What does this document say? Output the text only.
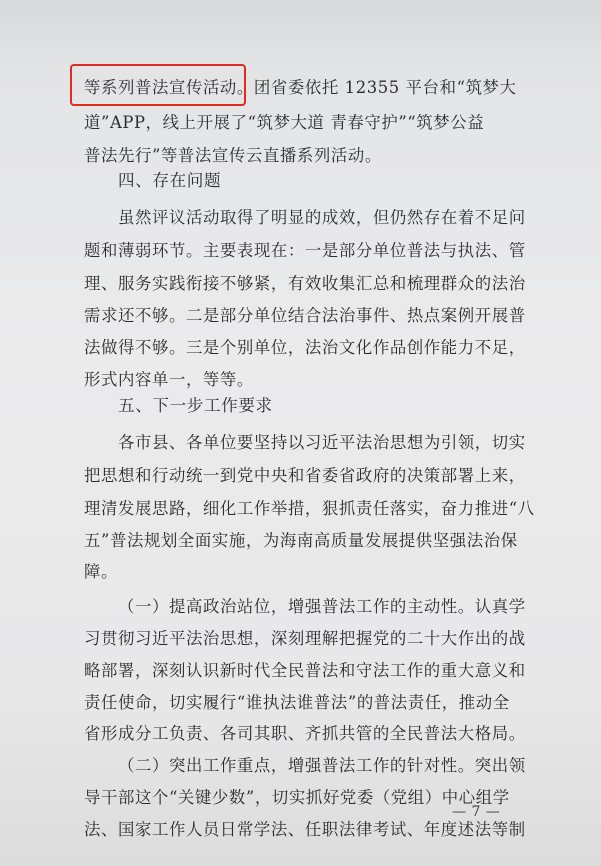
等系列普法宣传活动。团省委依托 12355 平台和“筑梦大
道”APP，线上开展了“筑梦大道 青春守护”“筑梦公益
普法先行”等普法宣传云直播系列活动。
四、存在问题
虽然评议活动取得了明显的成效，但仍然存在着不足问
题和薄弱环节。主要表现在：一是部分单位普法与执法、管
理、服务实践衔接不够紧，有效收集汇总和梳理群众的法治
需求还不够。二是部分单位结合法治事件、热点案例开展普
法做得不够。三是个别单位，法治文化作品创作能力不足，
形式内容单一，等等。
五、下一步工作要求
各市县、各单位要坚持以习近平法治思想为引领，切实
把思想和行动统一到党中央和省委省政府的决策部署上来，
理清发展思路，细化工作举措，狠抓责任落实，奋力推进“八
五”普法规划全面实施，为海南高质量发展提供坚强法治保
障。
（一）提高政治站位，增强普法工作的主动性。认真学
习贯彻习近平法治思想，深刻理解把握党的二十大作出的战
略部署，深刻认识新时代全民普法和守法工作的重大意义和
责任使命，切实履行“谁执法谁普法”的普法责任，推动全
省形成分工负责、各司其职、齐抓共管的全民普法大格局。
（二）突出工作重点，增强普法工作的针对性。突出领
导干部这个“关键少数”，切实抓好党委（党组）中心组学
法、国家工作人员日常学法、任职法律考试、年度述法等制
— 7 —
